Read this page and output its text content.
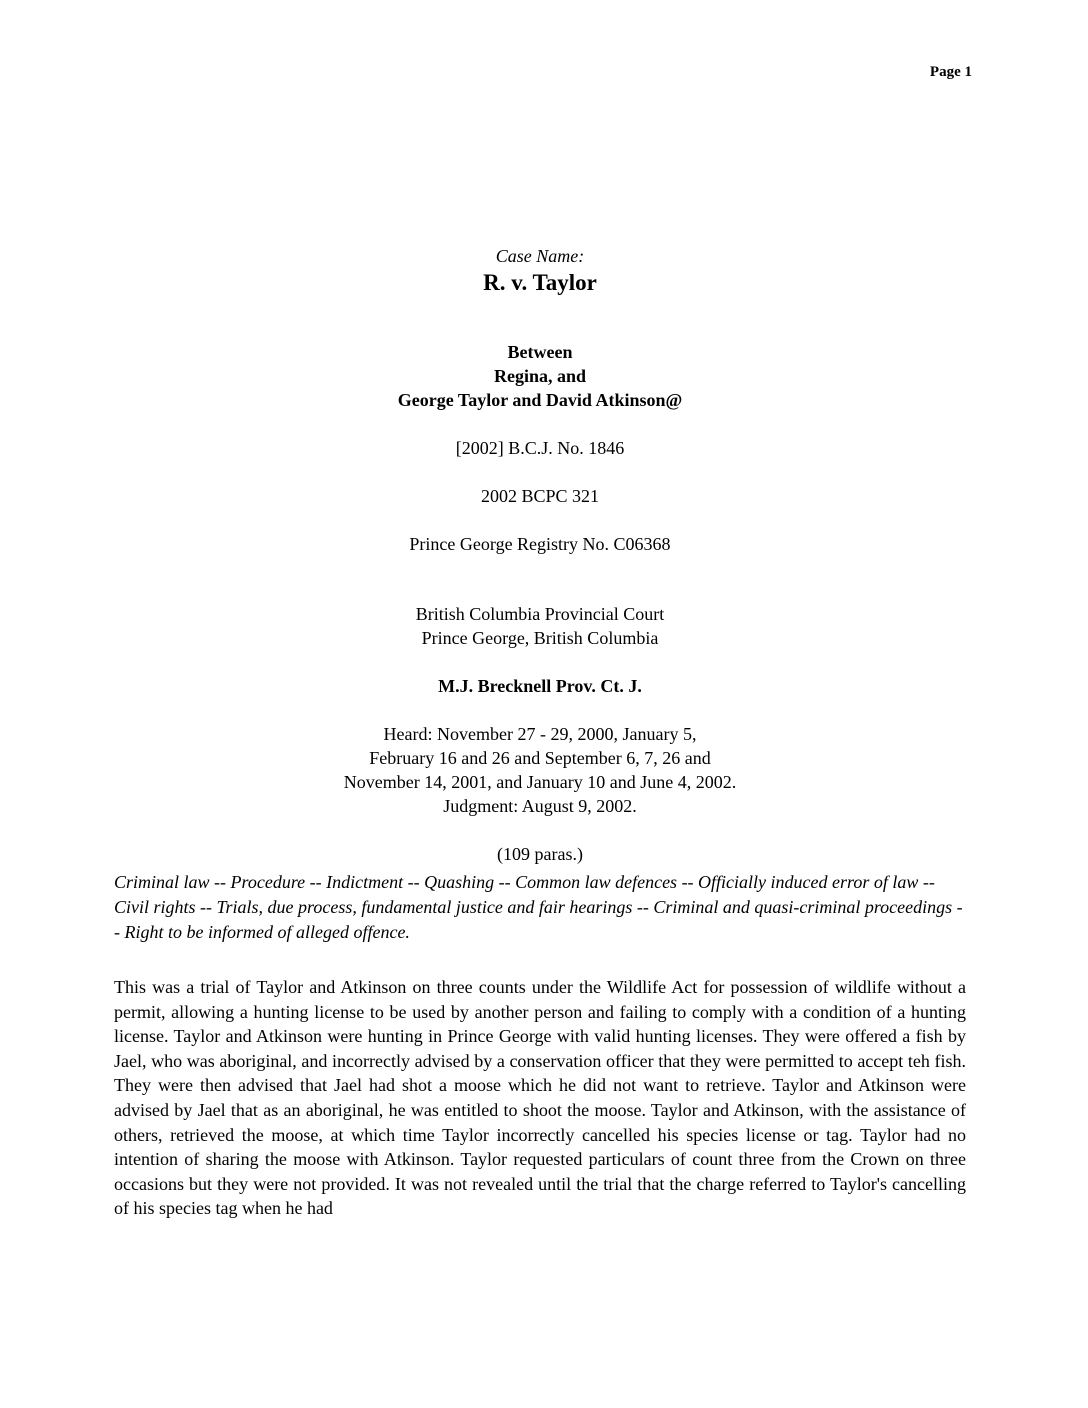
Page 1
Case Name:
R. v. Taylor
Between
Regina, and
George Taylor and David Atkinson@
[2002] B.C.J. No. 1846
2002 BCPC 321
Prince George Registry No. C06368
British Columbia Provincial Court
Prince George, British Columbia
M.J. Brecknell Prov. Ct. J.
Heard: November 27 - 29, 2000, January 5,
February 16 and 26 and September 6, 7, 26 and
November 14, 2001, and January 10 and June 4, 2002.
Judgment: August 9, 2002.
(109 paras.)
Criminal law -- Procedure -- Indictment -- Quashing -- Common law defences -- Officially induced error of law -- Civil rights -- Trials, due process, fundamental justice and fair hearings -- Criminal and quasi-criminal proceedings -- Right to be informed of alleged offence.
This was a trial of Taylor and Atkinson on three counts under the Wildlife Act for possession of wildlife without a permit, allowing a hunting license to be used by another person and failing to comply with a condition of a hunting license. Taylor and Atkinson were hunting in Prince George with valid hunting licenses. They were offered a fish by Jael, who was aboriginal, and incorrectly advised by a conservation officer that they were permitted to accept teh fish. They were then advised that Jael had shot a moose which he did not want to retrieve. Taylor and Atkinson were advised by Jael that as an aboriginal, he was entitled to shoot the moose. Taylor and Atkinson, with the assistance of others, retrieved the moose, at which time Taylor incorrectly cancelled his species license or tag. Taylor had no intention of sharing the moose with Atkinson. Taylor requested particulars of count three from the Crown on three occasions but they were not provided. It was not revealed until the trial that the charge referred to Taylor's cancelling of his species tag when he had
